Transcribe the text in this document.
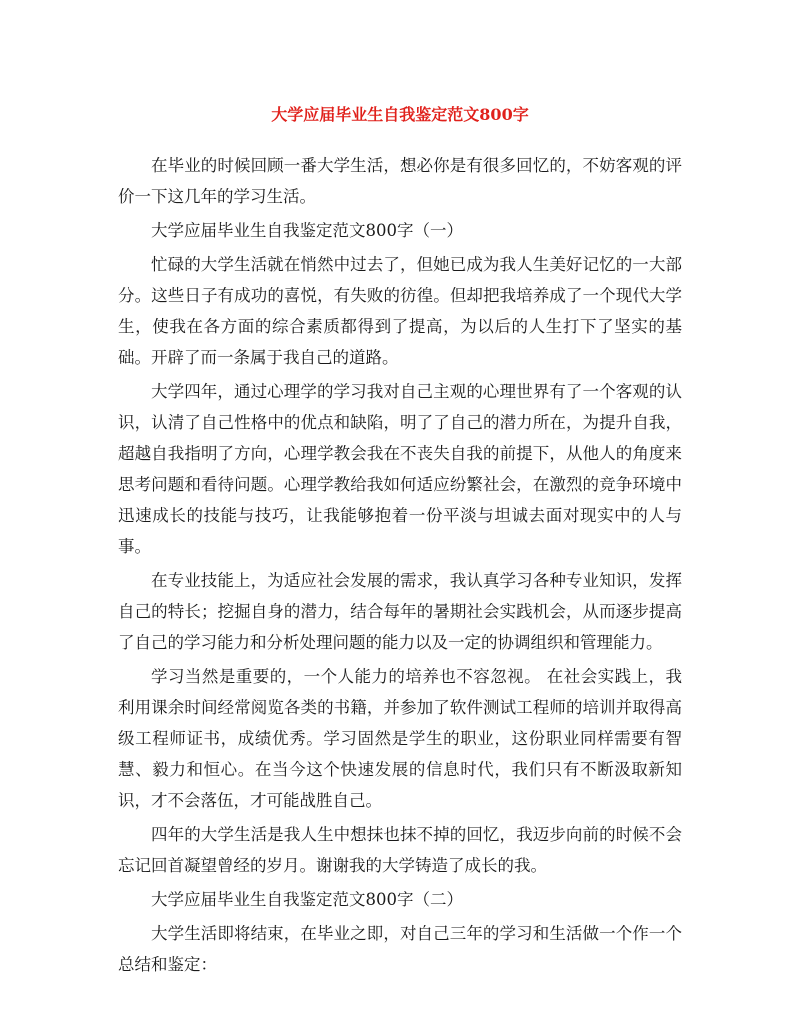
大学应届毕业生自我鉴定范文800字

在毕业的时候回顾一番大学生活，想必你是有很多回忆的，不妨客观的评价一下这几年的学习生活。

大学应届毕业生自我鉴定范文800字（一）

忙碌的大学生活就在悄然中过去了，但她已成为我人生美好记忆的一大部分。这些日子有成功的喜悦，有失败的彷徨。但却把我培养成了一个现代大学生，使我在各方面的综合素质都得到了提高，为以后的人生打下了坚实的基础。开辟了而一条属于我自己的道路。

大学四年，通过心理学的学习我对自己主观的心理世界有了一个客观的认识，认清了自己性格中的优点和缺陷，明了了自己的潜力所在，为提升自我，超越自我指明了方向，心理学教会我在不丧失自我的前提下，从他人的角度来思考问题和看待问题。心理学教给我如何适应纷繁社会，在激烈的竞争环境中迅速成长的技能与技巧，让我能够抱着一份平淡与坦诚去面对现实中的人与事。

在专业技能上，为适应社会发展的需求，我认真学习各种专业知识，发挥自己的特长；挖掘自身的潜力，结合每年的暑期社会实践机会，从而逐步提高了自己的学习能力和分析处理问题的能力以及一定的协调组织和管理能力。

学习当然是重要的，一个人能力的培养也不容忽视。 在社会实践上，我利用课余时间经常阅览各类的书籍，并参加了软件测试工程师的培训并取得高级工程师证书，成绩优秀。学习固然是学生的职业，这份职业同样需要有智慧、毅力和恒心。在当今这个快速发展的信息时代，我们只有不断汲取新知识，才不会落伍，才可能战胜自己。

四年的大学生活是我人生中想抹也抹不掉的回忆，我迈步向前的时候不会忘记回首凝望曾经的岁月。谢谢我的大学铸造了成长的我。

大学应届毕业生自我鉴定范文800字（二）

大学生活即将结束，在毕业之即，对自己三年的学习和生活做一个作一个总结和鉴定：
